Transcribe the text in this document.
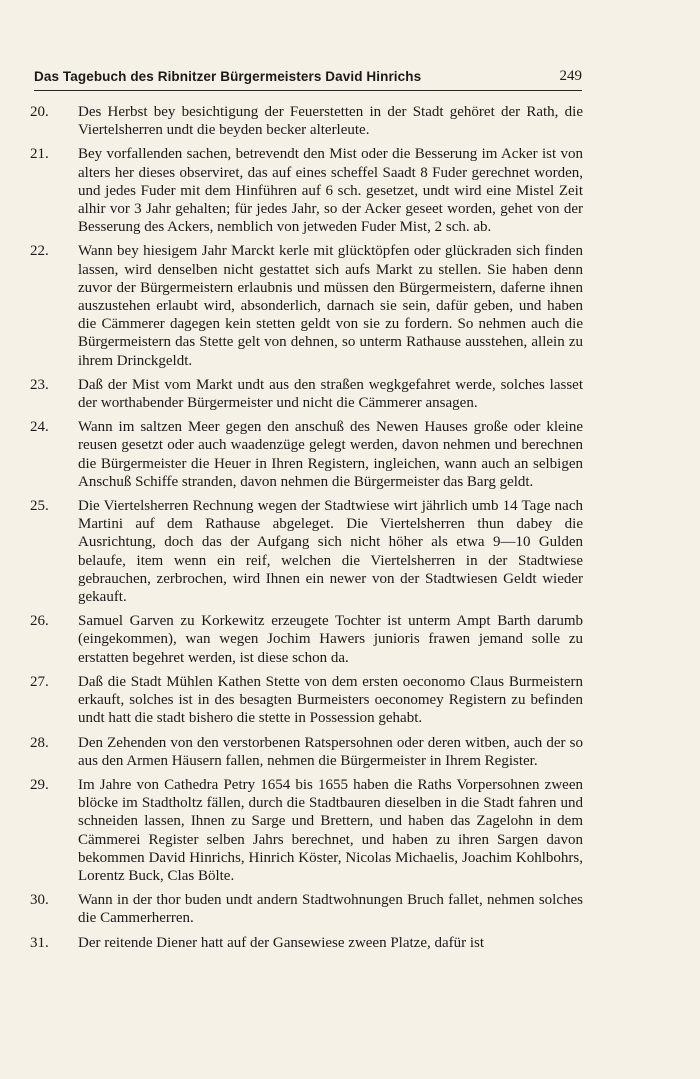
Das Tagebuch des Ribnitzer Bürgermeisters David Hinrichs	249
20.	Des Herbst bey besichtigung der Feuerstetten in der Stadt gehöret der Rath, die Viertelsherren undt die beyden becker alterleute.
21.	Bey vorfallenden sachen, betrevendt den Mist oder die Besserung im Acker ist von alters her dieses observiret, das auf eines scheffel Saadt 8 Fuder gerechnet worden, und jedes Fuder mit dem Hinführen auf 6 sch. gesetzet, undt wird eine Mistel Zeit alhir vor 3 Jahr gehalten; für jedes Jahr, so der Acker geseet worden, gehet von der Besserung des Ackers, nemblich von jetweden Fuder Mist, 2 sch. ab.
22.	Wann bey hiesigem Jahr Marckt kerle mit glücktöpfen oder glückraden sich finden lassen, wird denselben nicht gestattet sich aufs Markt zu stellen. Sie haben denn zuvor der Bürgermeistern erlaubnis und müssen den Bürgermeistern, daferne ihnen auszustehen erlaubt wird, absonderlich, darnach sie sein, dafür geben, und haben die Cämmerer dagegen kein stetten geldt von sie zu fordern. So nehmen auch die Bürgermeistern das Stette gelt von dehnen, so unterm Rathause ausstehen, allein zu ihrem Drinckgeldt.
23.	Daß der Mist vom Markt undt aus den straßen wegkgefahret werde, solches lasset der worthabender Bürgermeister und nicht die Cämmerer ansagen.
24.	Wann im saltzen Meer gegen den anschuß des Newen Hauses große oder kleine reusen gesetzt oder auch waadenzüge gelegt werden, davon nehmen und berechnen die Bürgermeister die Heuer in Ihren Registern, ingleichen, wann auch an selbigen Anschuß Schiffe stranden, davon nehmen die Bürgermeister das Barg geldt.
25.	Die Viertelsherren Rechnung wegen der Stadtwiese wirt jährlich umb 14 Tage nach Martini auf dem Rathause abgeleget. Die Viertelsherren thun dabey die Ausrichtung, doch das der Aufgang sich nicht höher als etwa 9—10 Gulden belaufe, item wenn ein reif, welchen die Viertelsherren in der Stadtwiese gebrauchen, zerbrochen, wird Ihnen ein newer von der Stadtwiesen Geldt wieder gekauft.
26.	Samuel Garven zu Korkewitz erzeugete Tochter ist unterm Ampt Barth darumb (eingekommen), wan wegen Jochim Hawers junioris frawen jemand solle zu erstatten begehret werden, ist diese schon da.
27.	Daß die Stadt Mühlen Kathen Stette von dem ersten oeconomo Claus Burmeistern erkauft, solches ist in des besagten Burmeisters oeconomey Registern zu befinden undt hatt die stadt bishero die stette in Possession gehabt.
28.	Den Zehenden von den verstorbenen Ratspersohnen oder deren witben, auch der so aus den Armen Häusern fallen, nehmen die Bürgermeister in Ihrem Register.
29.	Im Jahre von Cathedra Petry 1654 bis 1655 haben die Raths Vorpersohnen zween blöcke im Stadtholtz fällen, durch die Stadtbauren dieselben in die Stadt fahren und schneiden lassen, Ihnen zu Sarge und Brettern, und haben das Zagelohn in dem Cämmerei Register selben Jahrs berechnet, und haben zu ihren Sargen davon bekommen David Hinrichs, Hinrich Köster, Nicolas Michaelis, Joachim Kohlbohrs, Lorentz Buck, Clas Bölte.
30.	Wann in der thor buden undt andern Stadtwohnungen Bruch fallet, nehmen solches die Cammerherren.
31.	Der reitende Diener hatt auf der Gansewiese zween Platze, dafür ist
